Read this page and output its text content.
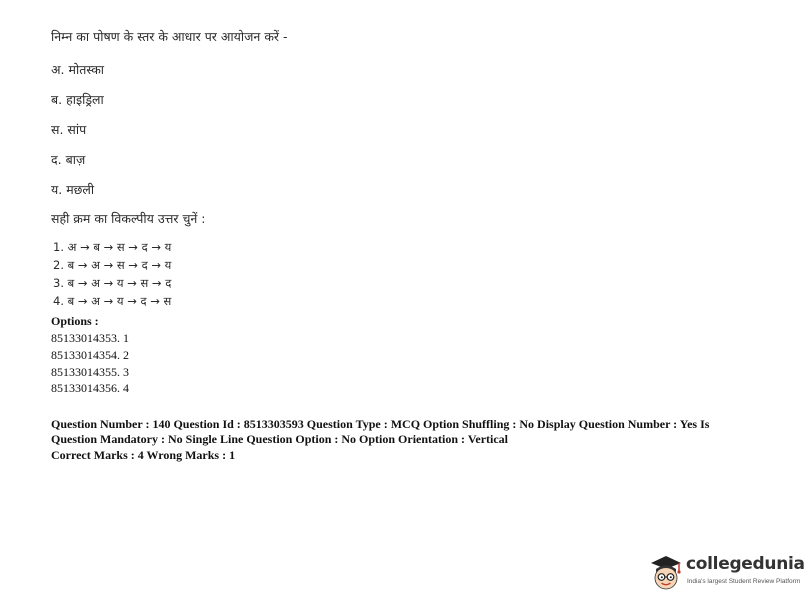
निम्न का पोषण के स्तर के आधार पर आयोजन करें -
अ. मोतस्का
ब. हाइड्रिला
स. सांप
द. बाज़
य. मछली
सही क्रम का विकल्पीय उत्तर चुनें :
1. अ → ब → स → द → य
2. ब → अ → स → द → य
3. ब → अ → य → स → द
4. ब → अ → य → द → स
Options :
85133014353. 1
85133014354. 2
85133014355. 3
85133014356. 4

Question Number : 140 Question Id : 8513303593 Question Type : MCQ Option Shuffling : No Display Question Number : Yes Is

Question Mandatory : No Single Line Question Option : No Option Orientation : Vertical

Correct Marks : 4 Wrong Marks : 1

collegedunia
India's largest Student Review Platform
